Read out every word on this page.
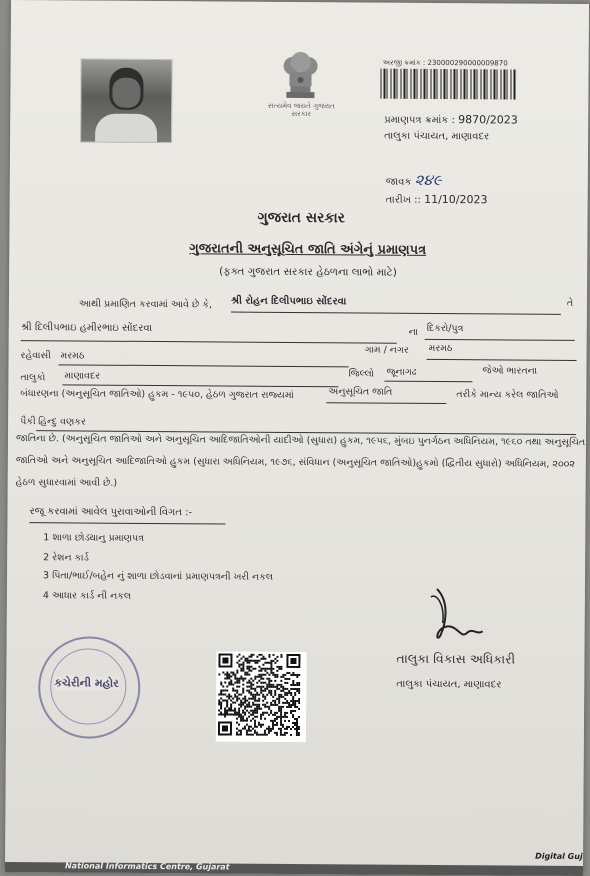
સત્યમેવ જયતે ગુજરાત સરકાર
અરજી ક્રમાંક : 230000290000009870
પ્રમાણપત્ર ક્રમાંક : 9870/2023
તાલુકા પંચાયત, માણાવદર
જાવક ૨૪૯
તારીખ :: 11/10/2023
ગુજરાત સરકાર
ગુજરાતની અનુસૂચિત જાતિ અંગેનું પ્રમાણપત્ર
(ફક્ત ગુજરાત સરકાર હેઠળના લાભો માટે)
આથી પ્રમાણિત કરવામાં આવે છે કે, શ્રી રોહન દિલીપભાઇ સોંદરવા	તે
શ્રી દિલીપભાઇ હમીરભાઇ સોંદરવા	ના દિકરો/પુત્ર
રહેવાસી મરમઠ
ગામ / નગર મરમઠ
તાલુકો માણાવદર	જિલ્લો જૂનાગઢ	જેઓ ભારતના
બંધારણના (અનુસૂચિત જાતિઓ) હુકમ - ૧૯૫૦, હેઠળ ગુજરાત રાજ્યમાં	અનુસૂચિત જાતિ	તરીકે માન્ય કરેલ જાતિઓ
પૈકી હિન્દુ વણકર
જાતિના છે. (અનુસૂચિત જાતિઓ અને અનુસૂચિત આદિજાતિઓની યાદીઓ (સુધારા) હુકમ, ૧૯૫૬, મુંબઇ પુનર્ગઠન અધિનિયમ, ૧૯૬૦ તથા અનુસૂચિત જાતિઓ અને અનુસૂચિત આદિજાતિઓ હુકમ (સુધારા અધિનિયમ, ૧૯૭૬, સંવિધાન (અનુસૂચિત જાતિઓ)હુકમો (દ્વિતીય સુધારો) અધિનિયમ, ૨૦૦૨ હેઠળ સુધારવામાં આવી છે.)
રજૂ કરવામાં આવેલ પુરાવાઓની વિગત :-
1 શાળા છોડ્યાનુ પ્રમાણપત્ર
2 રેશન કાર્ડ
3 પિતા/ભાઈ/બહેન નું શાળા છોડવાનાં પ્રમાણપત્રની ખરી નકલ
4 આધાર કાર્ડ ની નકલ
તાલુકા વિકાસ અધિકારી
તાલુકા પંચાયત, માણાવદર
કચેરીની મહોર
National Informatics Centre, Gujarat
Digital Guja
